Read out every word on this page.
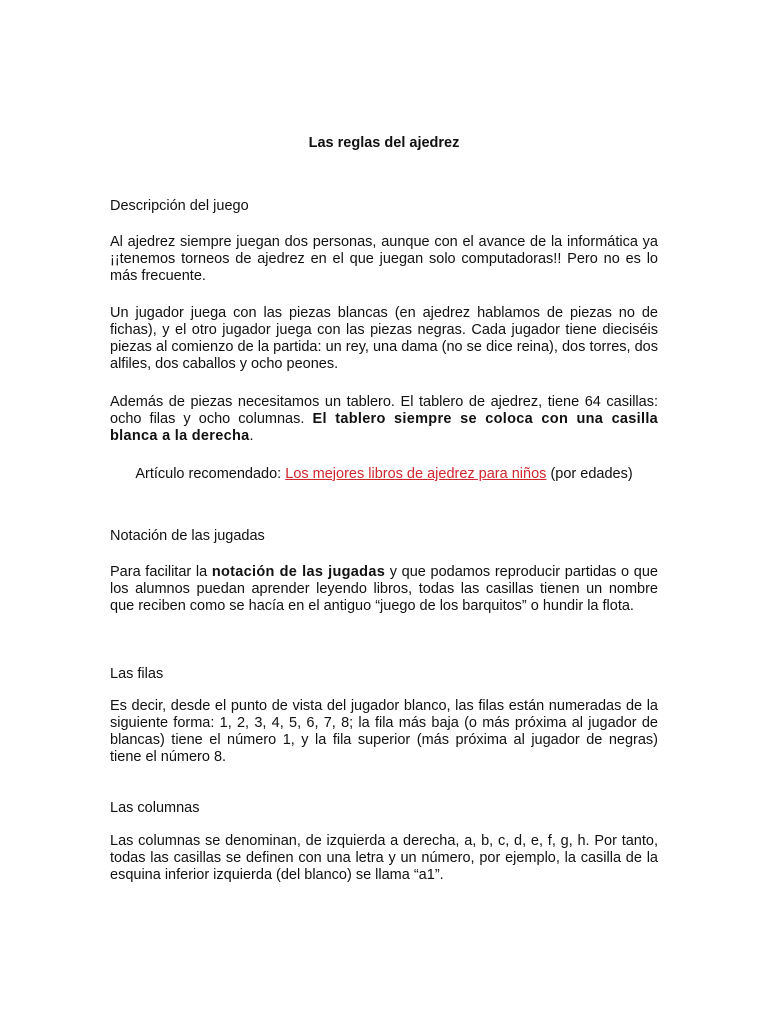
Las reglas del ajedrez
Descripción del juego
Al ajedrez siempre juegan dos personas, aunque con el avance de la informática ya ¡¡tenemos torneos de ajedrez en el que juegan solo computadoras!! Pero no es lo más frecuente.
Un jugador juega con las piezas blancas (en ajedrez hablamos de piezas no de fichas), y el otro jugador juega con las piezas negras. Cada jugador tiene dieciséis piezas al comienzo de la partida: un rey, una dama (no se dice reina), dos torres, dos alfiles, dos caballos y ocho peones.
Además de piezas necesitamos un tablero. El tablero de ajedrez, tiene 64 casillas: ocho filas y ocho columnas. El tablero siempre se coloca con una casilla blanca a la derecha.
Artículo recomendado: Los mejores libros de ajedrez para niños (por edades)
Notación de las jugadas
Para facilitar la notación de las jugadas y que podamos reproducir partidas o que los alumnos puedan aprender leyendo libros, todas las casillas tienen un nombre que reciben como se hacía en el antiguo “juego de los barquitos” o hundir la flota.
Las filas
Es decir, desde el punto de vista del jugador blanco, las filas están numeradas de la siguiente forma: 1, 2, 3, 4, 5, 6, 7, 8; la fila más baja (o más próxima al jugador de blancas) tiene el número 1, y la fila superior (más próxima al jugador de negras) tiene el número 8.
Las columnas
Las columnas se denominan, de izquierda a derecha, a, b, c, d, e, f, g, h. Por tanto, todas las casillas se definen con una letra y un número, por ejemplo, la casilla de la esquina inferior izquierda (del blanco) se llama “a1”.
